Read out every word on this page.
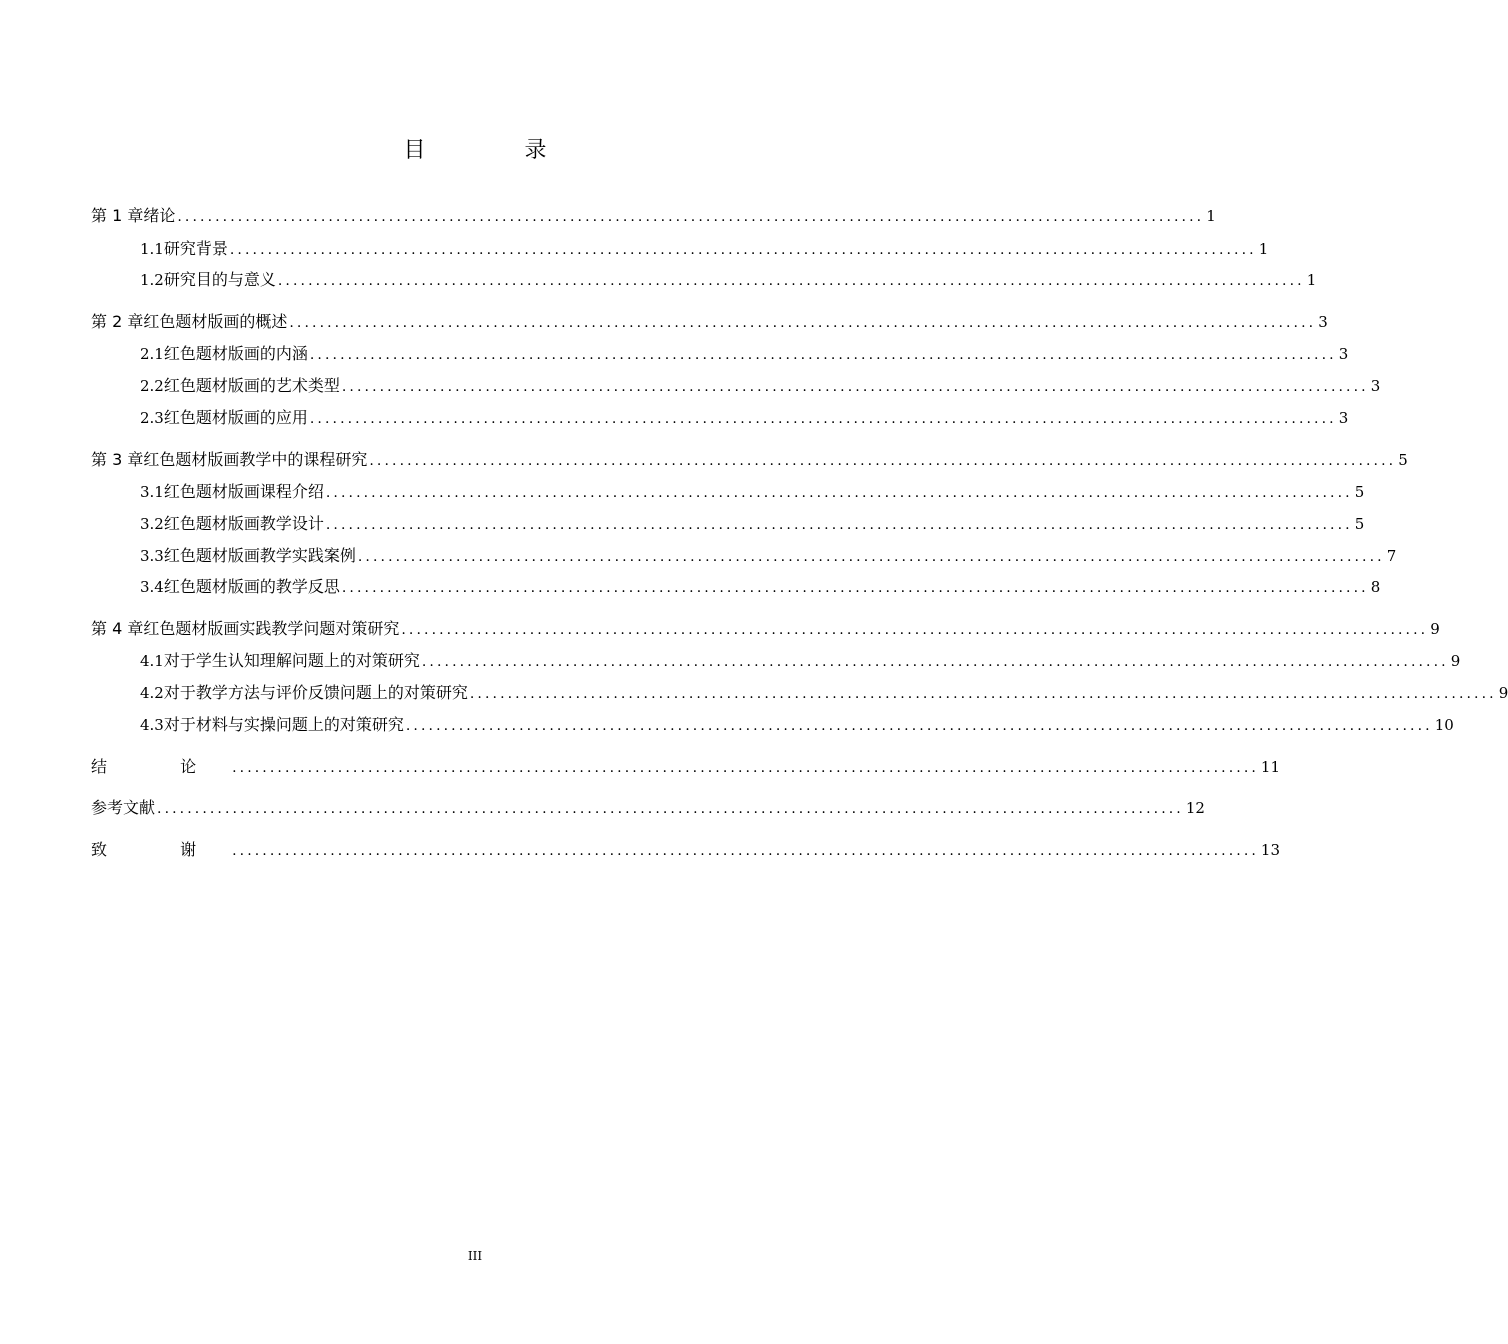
目 录
第 1 章 绪论 ........................................................................................................................................ 1
1.1 研究背景 ........................................................................................................................................ 1
1.2 研究目的与意义 ........................................................................................................................................ 1
第 2 章 红色题材版画的概述 ........................................................................................................................................ 3
2.1 红色题材版画的内涵 ........................................................................................................................................ 3
2.2 红色题材版画的艺术类型 ........................................................................................................................................ 3
2.3 红色题材版画的应用 ........................................................................................................................................ 3
第 3 章 红色题材版画教学中的课程研究 ........................................................................................................................................ 5
3.1 红色题材版画课程介绍 ........................................................................................................................................ 5
3.2 红色题材版画教学设计 ........................................................................................................................................ 5
3.3 红色题材版画教学实践案例 ........................................................................................................................................ 7
3.4 红色题材版画的教学反思 ........................................................................................................................................ 8
第 4 章 红色题材版画实践教学问题对策研究 ........................................................................................................................................ 9
4.1 对于学生认知理解问题上的对策研究 ........................................................................................................................................ 9
4.2 对于教学方法与评价反馈问题上的对策研究 ........................................................................................................................................ 9
4.3 对于材料与实操问题上的对策研究 ........................................................................................................................................ 10
结 论 ........................................................................................................................................ 11
参考文献 ........................................................................................................................................ 12
致 谢 ........................................................................................................................................ 13
III
